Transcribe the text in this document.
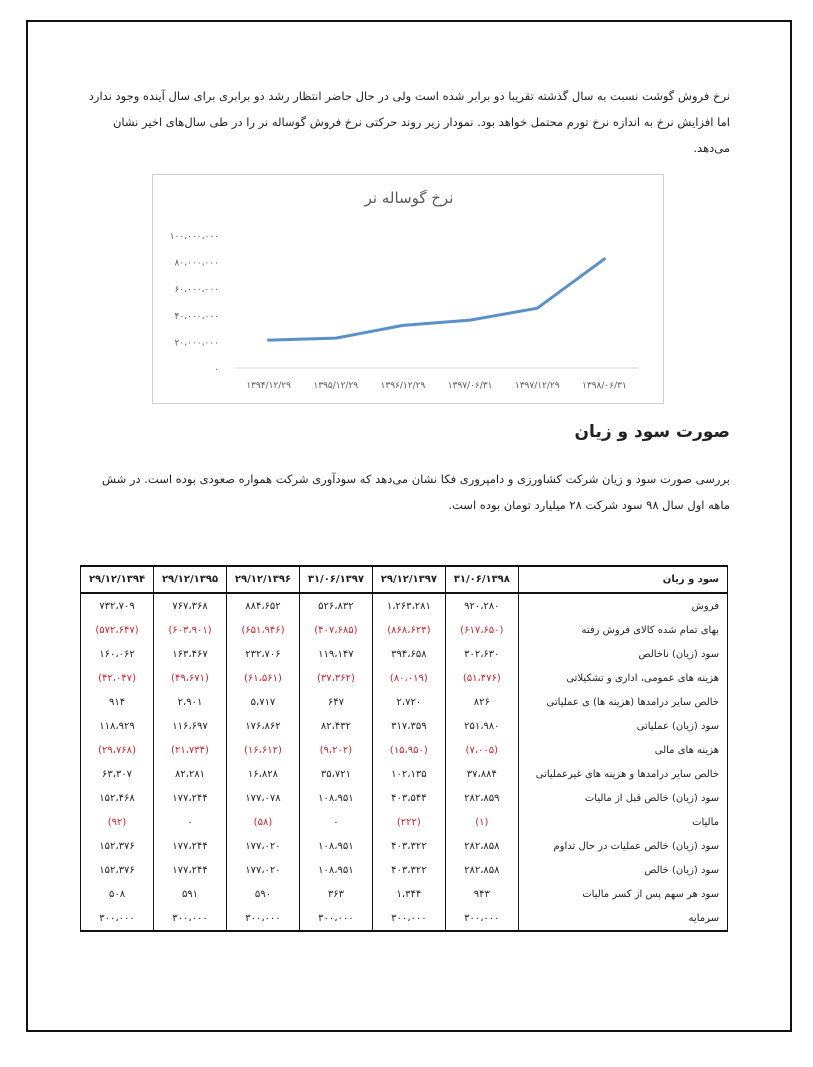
نرخ فروش گوشت نسبت به سال گذشته تقریبا دو برابر شده است ولی در حال حاضر انتظار رشد دو برابری برای سال آینده وجود ندارد اما افزایش نرخ به اندازه نرخ تورم محتمل خواهد بود. نمودار زیر روند حرکتی نرخ فروش گوساله نر را در طی سال‌های اخیر نشان می‌دهد.

نرخ گوساله نر
۰
۲۰،۰۰۰،۰۰۰
۴۰،۰۰۰،۰۰۰
۶۰،۰۰۰،۰۰۰
۸۰،۰۰۰،۰۰۰
۱۰۰،۰۰۰،۰۰۰
۱۳۹۴/۱۲/۲۹ ۱۳۹۵/۱۲/۲۹ ۱۳۹۶/۱۲/۲۹ ۱۳۹۷/۰۶/۳۱ ۱۳۹۷/۱۲/۲۹ ۱۳۹۸/۰۶/۳۱
صورت سود و زیان

بررسی صورت سود و زیان شرکت کشاورزی و دامپروری فکا نشان می‌دهد که سودآوری شرکت همواره صعودی بوده است. در شش ماهه اول سال ۹۸ سود شرکت ۲۸ میلیارد تومان بوده است.

سود و زیان	۳۱/۰۶/۱۳۹۸	۲۹/۱۲/۱۳۹۷	۳۱/۰۶/۱۳۹۷	۲۹/۱۲/۱۳۹۶	۲۹/۱۲/۱۳۹۵	۲۹/۱۲/۱۳۹۴
فروش	۹۲۰،۲۸۰	۱،۲۶۳،۲۸۱	۵۲۶،۸۳۲	۸۸۴،۶۵۲	۷۶۷،۳۶۸	۷۳۲،۷۰۹
بهای تمام شده کالای فروش رفته	(۶۱۷،۶۵۰)	(۸۶۸،۶۲۳)	(۴۰۷،۶۸۵)	(۶۵۱،۹۴۶)	(۶۰۳،۹۰۱)	(۵۷۲،۶۴۷)
سود (زیان) ناخالص	۳۰۲،۶۳۰	۳۹۴،۶۵۸	۱۱۹،۱۴۷	۲۳۲،۷۰۶	۱۶۳،۴۶۷	۱۶۰،۰۶۲
هزینه های عمومی، اداری و تشکیلاتی	(۵۱،۴۷۶)	(۸۰،۰۱۹)	(۳۷،۳۶۲)	(۶۱،۵۶۱)	(۴۹،۶۷۱)	(۴۲،۰۴۷)
خالص سایر درامدها (هزینه ها) ی عملیاتی	۸۲۶	۲،۷۲۰	۶۴۷	۵،۷۱۷	۲،۹۰۱	۹۱۴
سود (زیان) عملیاتی	۲۵۱،۹۸۰	۳۱۷،۳۵۹	۸۲،۴۳۲	۱۷۶،۸۶۲	۱۱۶،۶۹۷	۱۱۸،۹۲۹
هزینه های مالی	(۷،۰۰۵)	(۱۵،۹۵۰)	(۹،۲۰۲)	(۱۶،۶۱۲)	(۲۱،۷۳۴)	(۲۹،۷۶۸)
خالص سایر درامدها و هزینه های غیرعملیاتی	۳۷،۸۸۴	۱۰۲،۱۳۵	۳۵،۷۲۱	۱۶،۸۲۸	۸۲،۲۸۱	۶۳،۳۰۷
سود (زیان) خالص قبل از مالیات	۲۸۲،۸۵۹	۴۰۳،۵۴۴	۱۰۸،۹۵۱	۱۷۷،۰۷۸	۱۷۷،۲۴۴	۱۵۲،۴۶۸
مالیات	(۱)	(۲۲۲)	۰	(۵۸)	۰	(۹۲)
سود (زیان) خالص عملیات در حال تداوم	۲۸۲،۸۵۸	۴۰۳،۳۲۲	۱۰۸،۹۵۱	۱۷۷،۰۲۰	۱۷۷،۲۴۴	۱۵۲،۳۷۶
سود (زیان) خالص	۲۸۲،۸۵۸	۴۰۳،۳۲۲	۱۰۸،۹۵۱	۱۷۷،۰۲۰	۱۷۷،۲۴۴	۱۵۲،۳۷۶
سود هر سهم پس از کسر مالیات	۹۴۳	۱،۳۴۴	۳۶۳	۵۹۰	۵۹۱	۵۰۸
سرمایه	۳۰۰،۰۰۰	۳۰۰،۰۰۰	۳۰۰،۰۰۰	۳۰۰،۰۰۰	۳۰۰،۰۰۰	۳۰۰،۰۰۰
